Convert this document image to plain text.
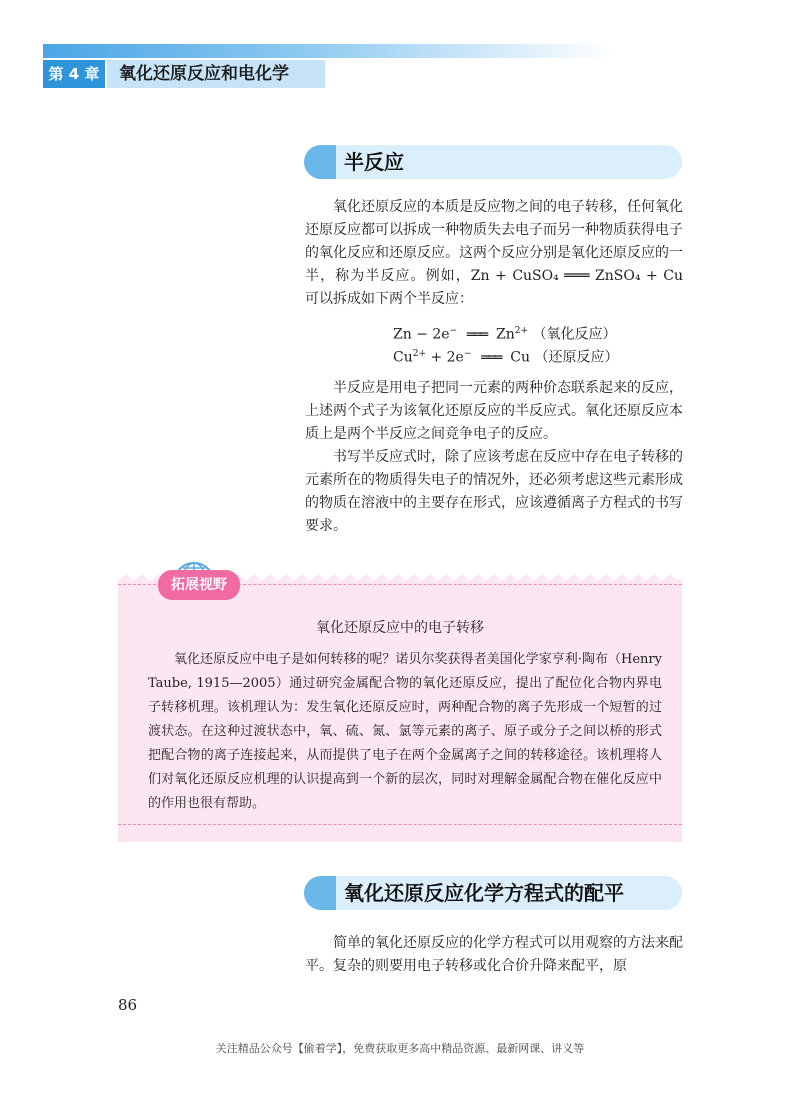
第 4 章	氧化还原反应和电化学
半反应

氧化还原反应的本质是反应物之间的电子转移，任何氧化还原反应都可以拆成一种物质失去电子而另一种物质获得电子的氧化反应和还原反应。这两个反应分别是氧化还原反应的一半，称为半反应。例如，Zn + CuSO₄ ═══ ZnSO₄ + Cu 可以拆成如下两个半反应：

Zn − 2e− ═══ $Zn^{2+}$ （氧化反应）
$Cu^{2+} + 2e^-$ ═══ Cu （还原反应）

半反应是用电子把同一元素的两种价态联系起来的反应，上述两个式子为该氧化还原反应的半反应式。氧化还原反应本质上是两个半反应之间竞争电子的反应。

书写半反应式时，除了应该考虑在反应中存在电子转移的元素所在的物质得失电子的情况外，还必须考虑这些元素形成的物质在溶液中的主要存在形式，应该遵循离子方程式的书写要求。

拓展视野
氧化还原反应中的电子转移

氧化还原反应中电子是如何转移的呢？诺贝尔奖获得者美国化学家亨利·陶布（Henry Taube, 1915—2005）通过研究金属配合物的氧化还原反应，提出了配位化合物内界电子转移机理。该机理认为：发生氧化还原反应时，两种配合物的离子先形成一个短暂的过渡状态。在这种过渡状态中，氧、硫、氮、氯等元素的离子、原子或分子之间以桥的形式把配合物的离子连接起来，从而提供了电子在两个金属离子之间的转移途径。该机理将人们对氧化还原反应机理的认识提高到一个新的层次，同时对理解金属配合物在催化反应中的作用也很有帮助。

氧化还原反应化学方程式的配平

简单的氧化还原反应的化学方程式可以用观察的方法来配平。复杂的则要用电子转移或化合价升降来配平，原

86
关注精品公众号【偷着学】，免费获取更多高中精品资源、最新网课、讲义等
